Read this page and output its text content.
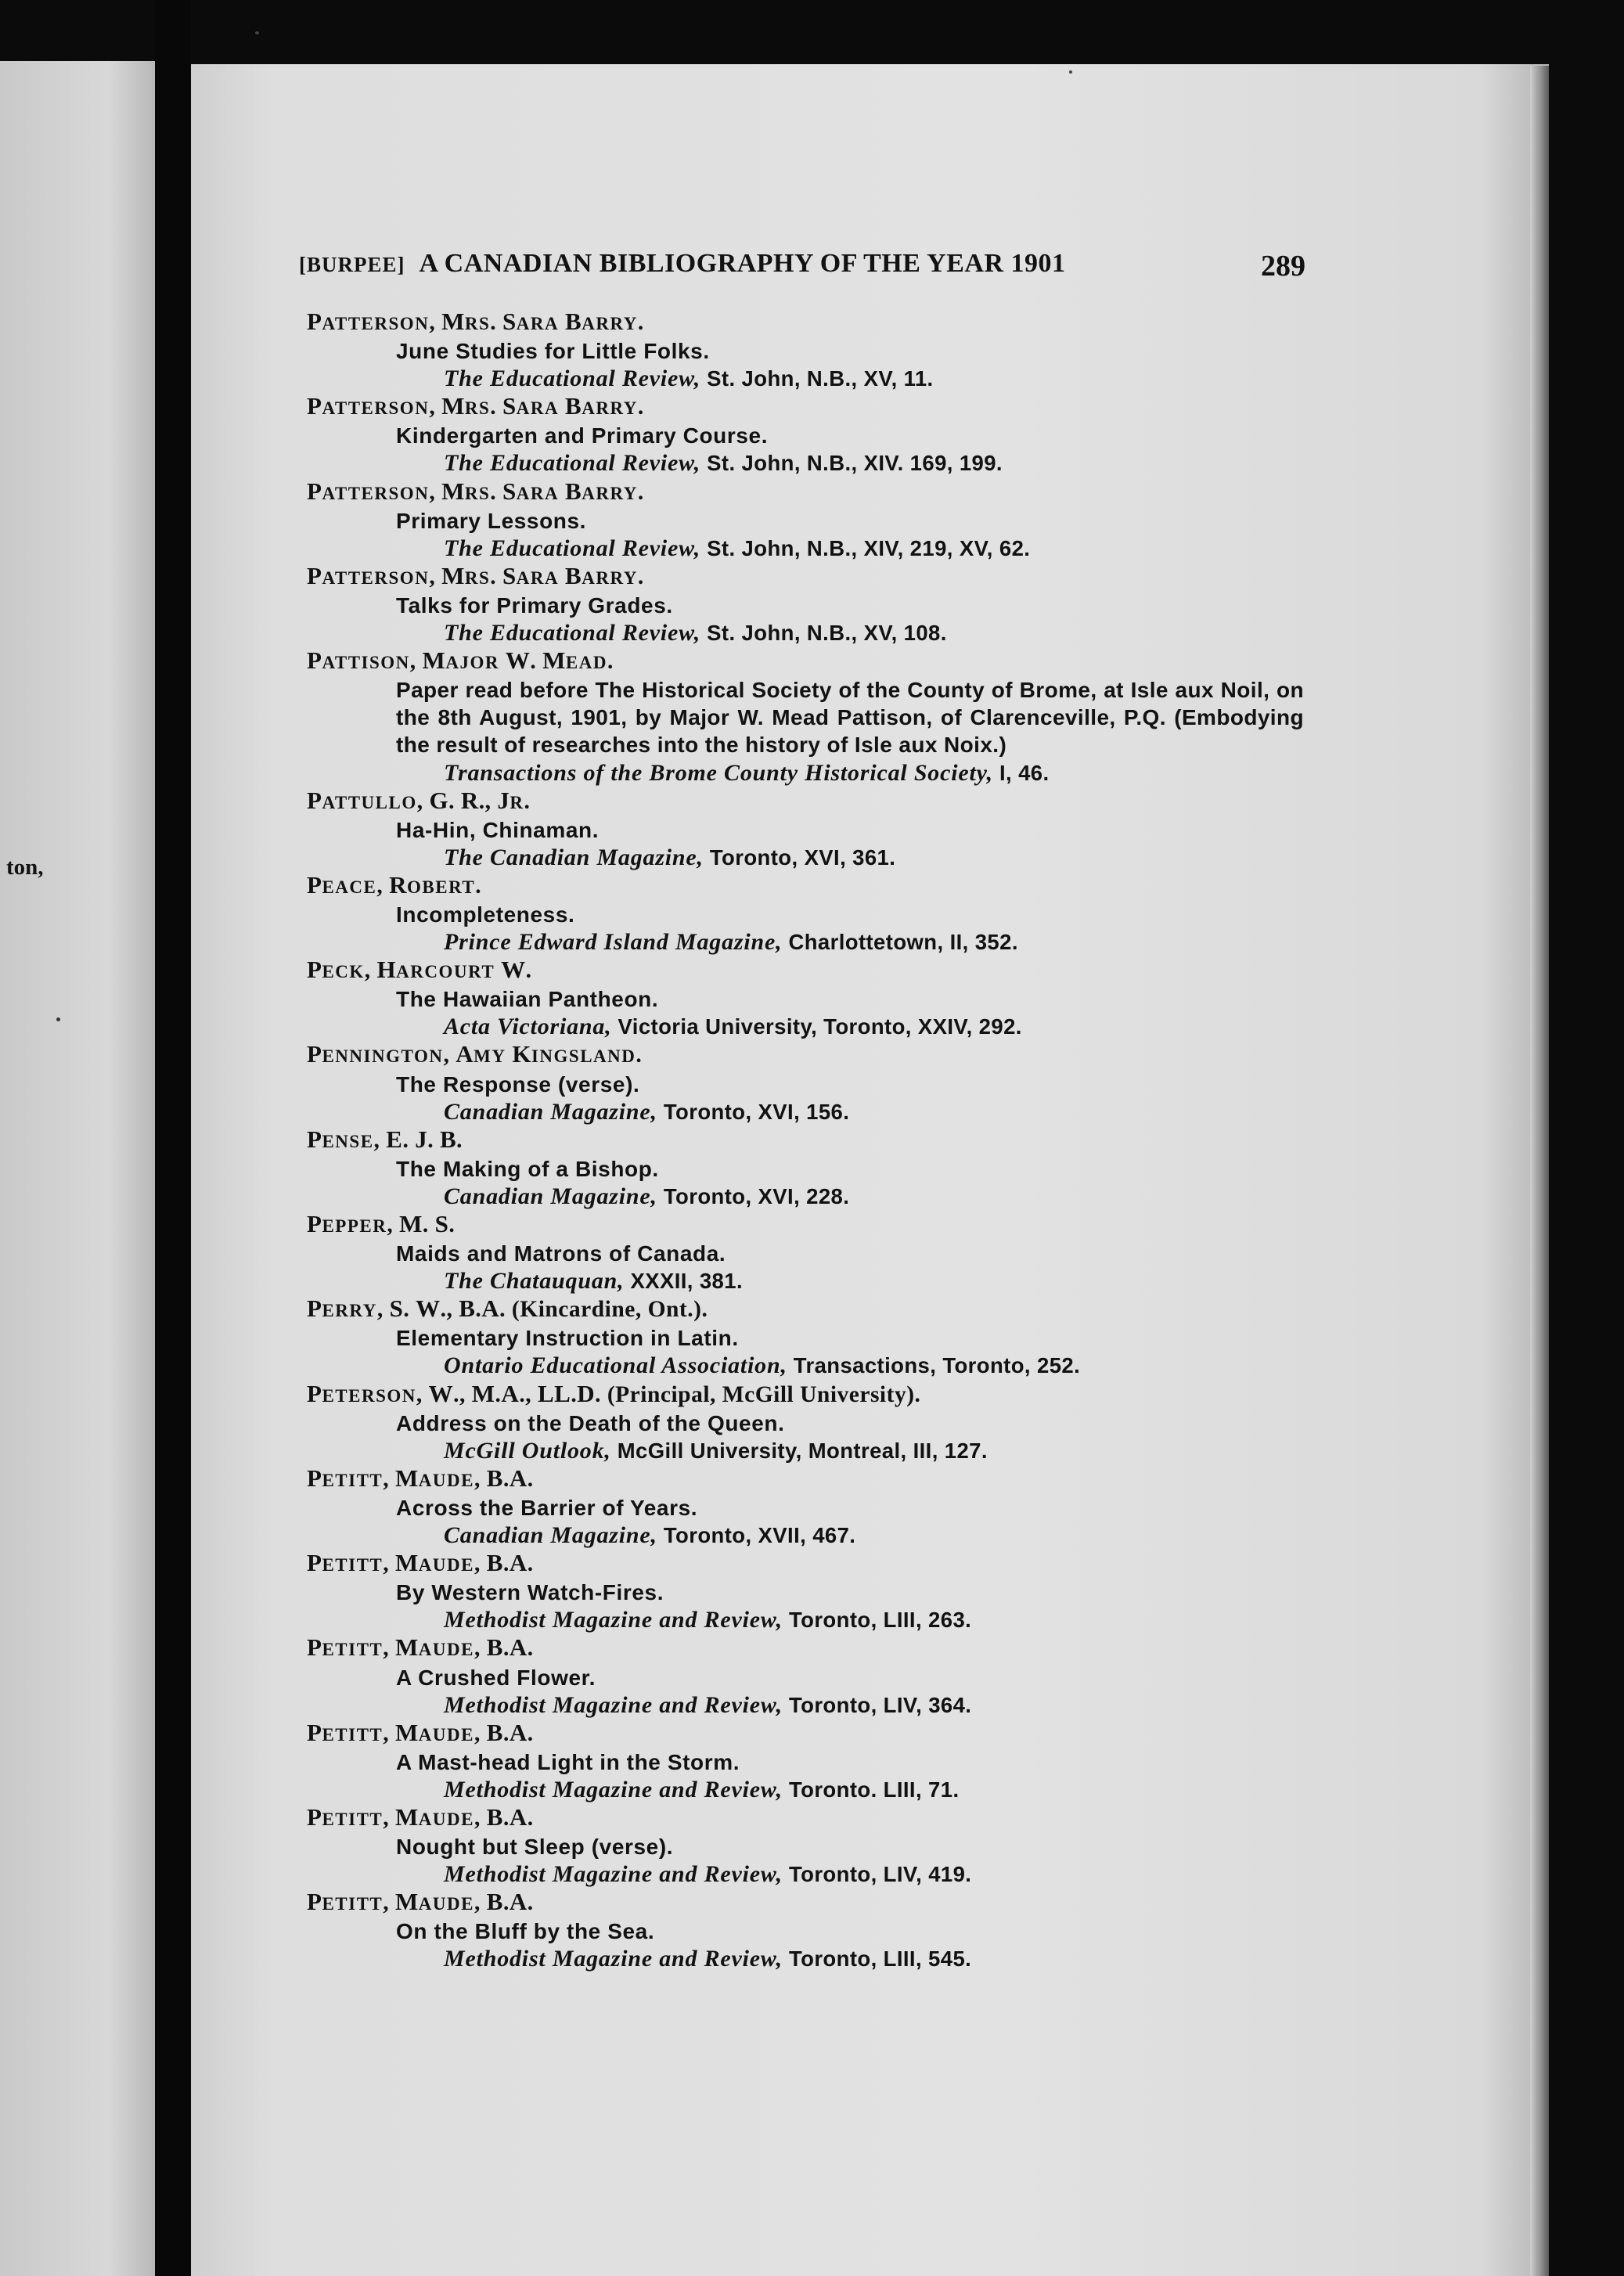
ton,
[BURPEE] A CANADIAN BIBLIOGRAPHY OF THE YEAR 1901	289
PATTERSON, MRS. SARA BARRY.
June Studies for Little Folks.
The Educational Review, St. John, N.B., XV, 11.
PATTERSON, MRS. SARA BARRY.
Kindergarten and Primary Course.
The Educational Review, St. John, N.B., XIV. 169, 199.
PATTERSON, MRS. SARA BARRY.
Primary Lessons.
The Educational Review, St. John, N.B., XIV, 219, XV, 62.
PATTERSON, MRS. SARA BARRY.
Talks for Primary Grades.
The Educational Review, St. John, N.B., XV, 108.
PATTISON, MAJOR W. MEAD.
Paper read before The Historical Society of the County of Brome, at Isle aux Noil, on the 8th August, 1901, by Major W. Mead Pattison, of Clarenceville, P.Q. (Embodying the result of researches into the history of Isle aux Noix.)
Transactions of the Brome County Historical Society, I, 46.
PATTULLO, G. R., JR.
Ha-Hin, Chinaman.
The Canadian Magazine, Toronto, XVI, 361.
PEACE, ROBERT.
Incompleteness.
Prince Edward Island Magazine, Charlottetown, II, 352.
PECK, HARCOURT W.
The Hawaiian Pantheon.
Acta Victoriana, Victoria University, Toronto, XXIV, 292.
PENNINGTON, AMY KINGSLAND.
The Response (verse).
Canadian Magazine, Toronto, XVI, 156.
PENSE, E. J. B.
The Making of a Bishop.
Canadian Magazine, Toronto, XVI, 228.
PEPPER, M. S.
Maids and Matrons of Canada.
The Chatauquan, XXXII, 381.
PERRY, S. W., B.A. (Kincardine, Ont.).
Elementary Instruction in Latin.
Ontario Educational Association, Transactions, Toronto, 252.
PETERSON, W., M.A., LL.D. (Principal, McGill University).
Address on the Death of the Queen.
McGill Outlook, McGill University, Montreal, III, 127.
PETITT, MAUDE, B.A.
Across the Barrier of Years.
Canadian Magazine, Toronto, XVII, 467.
PETITT, MAUDE, B.A.
By Western Watch-Fires.
Methodist Magazine and Review, Toronto, LIII, 263.
PETITT, MAUDE, B.A.
A Crushed Flower.
Methodist Magazine and Review, Toronto, LIV, 364.
PETITT, MAUDE, B.A.
A Mast-head Light in the Storm.
Methodist Magazine and Review, Toronto. LIII, 71.
PETITT, MAUDE, B.A.
Nought but Sleep (verse).
Methodist Magazine and Review, Toronto, LIV, 419.
PETITT, MAUDE, B.A.
On the Bluff by the Sea.
Methodist Magazine and Review, Toronto, LIII, 545.
